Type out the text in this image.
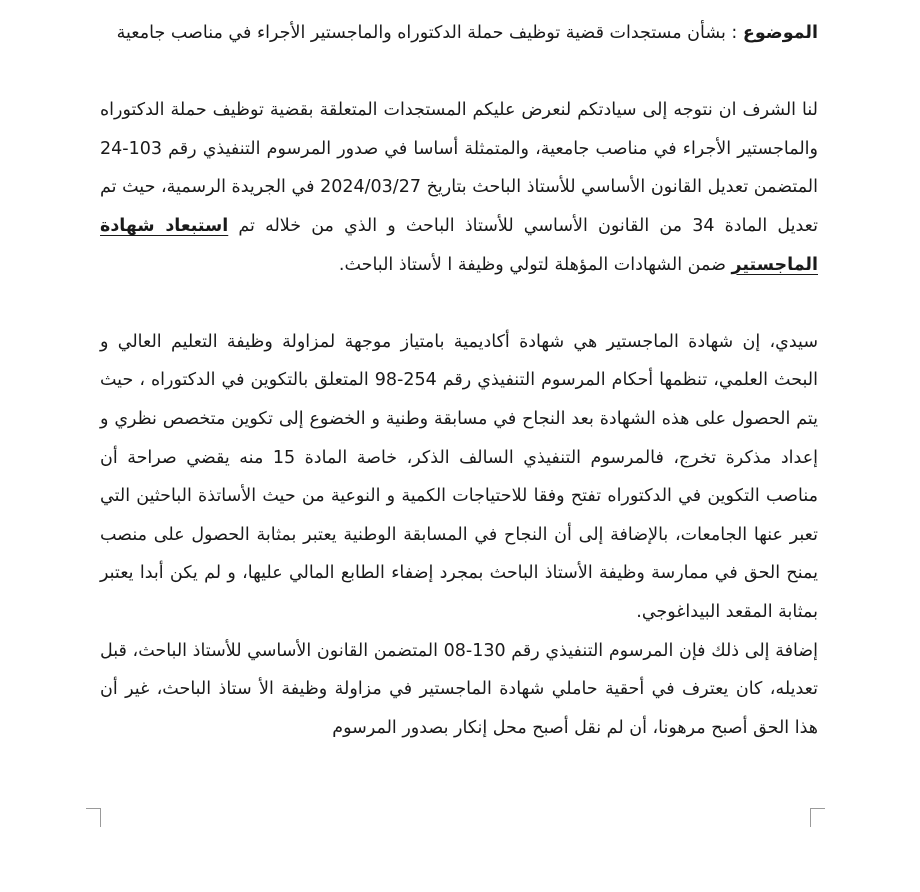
الموضوع : بشأن مستجدات قضية توظيف حملة الدكتوراه والماجستير الأجراء في مناصب جامعية

لنا الشرف ان نتوجه إلى سيادتكم لنعرض عليكم المستجدات المتعلقة بقضية توظيف حملة الدكتوراه والماجستير الأجراء في مناصب جامعية، والمتمثلة أساسا في صدور المرسوم التنفيذي رقم 24-103 المتضمن تعديل القانون الأساسي للأستاذ الباحث بتاريخ 2024/03/27 في الجريدة الرسمية، حيث تم تعديل المادة 34 من القانون الأساسي للأستاذ الباحث و الذي من خلاله تم استبعاد شهادة الماجستير ضمن الشهادات المؤهلة لتولي وظيفة ا لأستاذ الباحث.

سيدي، إن شهادة الماجستير هي شهادة أكاديمية بامتياز موجهة لمزاولة وظيفة التعليم العالي و البحث العلمي، تنظمها أحكام المرسوم التنفيذي رقم 98-254 المتعلق بالتكوين في الدكتوراه ، حيث يتم الحصول على هذه الشهادة بعد النجاح في مسابقة وطنية و الخضوع إلى تكوين متخصص نظري و إعداد مذكرة تخرج، فالمرسوم التنفيذي السالف الذكر، خاصة المادة 15 منه يقضي صراحة أن مناصب التكوين في الدكتوراه تفتح وفقا للاحتياجات الكمية و النوعية من حيث الأساتذة الباحثين التي تعبر عنها الجامعات، بالإضافة إلى أن النجاح في المسابقة الوطنية يعتبر بمثابة الحصول على منصب يمنح الحق في ممارسة وظيفة الأستاذ الباحث بمجرد إضفاء الطابع المالي عليها، و لم يكن أبدا يعتبر بمثابة المقعد البيداغوجي.

إضافة إلى ذلك فإن المرسوم التنفيذي رقم 08-130 المتضمن القانون الأساسي للأستاذ الباحث، قبل تعديله، كان يعترف في أحقية حاملي شهادة الماجستير في مزاولة وظيفة الأ ستاذ الباحث، غير أن هذا الحق أصبح مرهونا، أن لم نقل أصبح محل إنكار بصدور المرسوم
